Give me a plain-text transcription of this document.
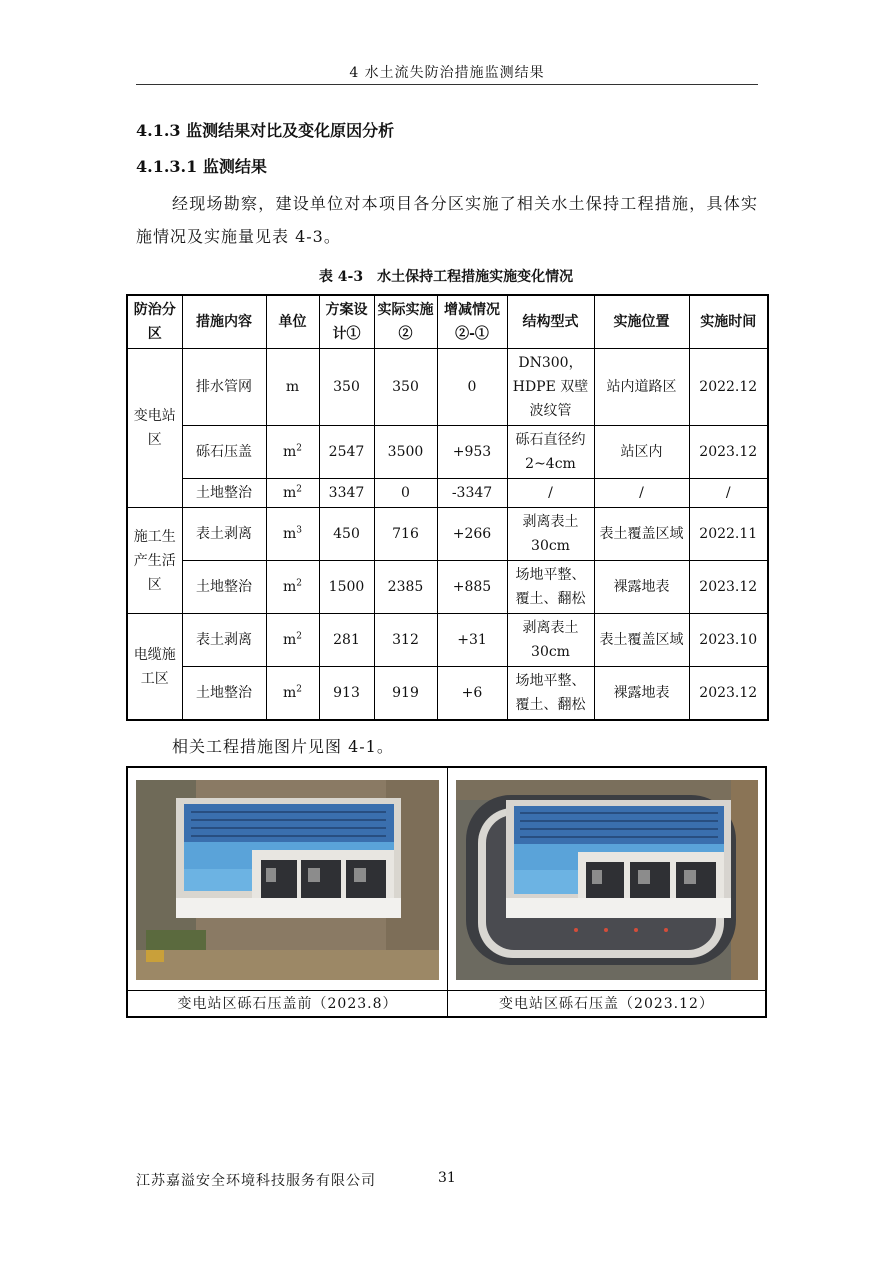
4 水土流失防治措施监测结果
4.1.3 监测结果对比及变化原因分析
4.1.3.1 监测结果

经现场勘察，建设单位对本项目各分区实施了相关水土保持工程措施，具体实施情况及实施量见表 4-3。

表 4-3　水土保持工程措施实施变化情况
防治分区	措施内容	单位	方案设计①	实际实施②	增减情况②-①	结构型式	实施位置	实施时间
变电站区	排水管网	m	350	350	0	DN300，HDPE 双壁波纹管	站内道路区	2022.12
	砾石压盖	$m^2$	2547	3500	+953	砾石直径约 2~4cm	站区内	2023.12
	土地整治	$m^2$	3347	0	-3347	/	/	/
施工生产生活区	表土剥离	$m^3$	450	716	+266	剥离表土 30cm	表土覆盖区域	2022.11
	土地整治	$m^2$	1500	2385	+885	场地平整、覆土、翻松	裸露地表	2023.12
电缆施工区	表土剥离	$m^2$	281	312	+31	剥离表土 30cm	表土覆盖区域	2023.10
	土地整治	$m^2$	913	919	+6	场地平整、覆土、翻松	裸露地表	2023.12
相关工程措施图片见图 4-1。
变电站区砾石压盖前（2023.8）	变电站区砾石压盖（2023.12）
江苏嘉溢安全环境科技服务有限公司	31
